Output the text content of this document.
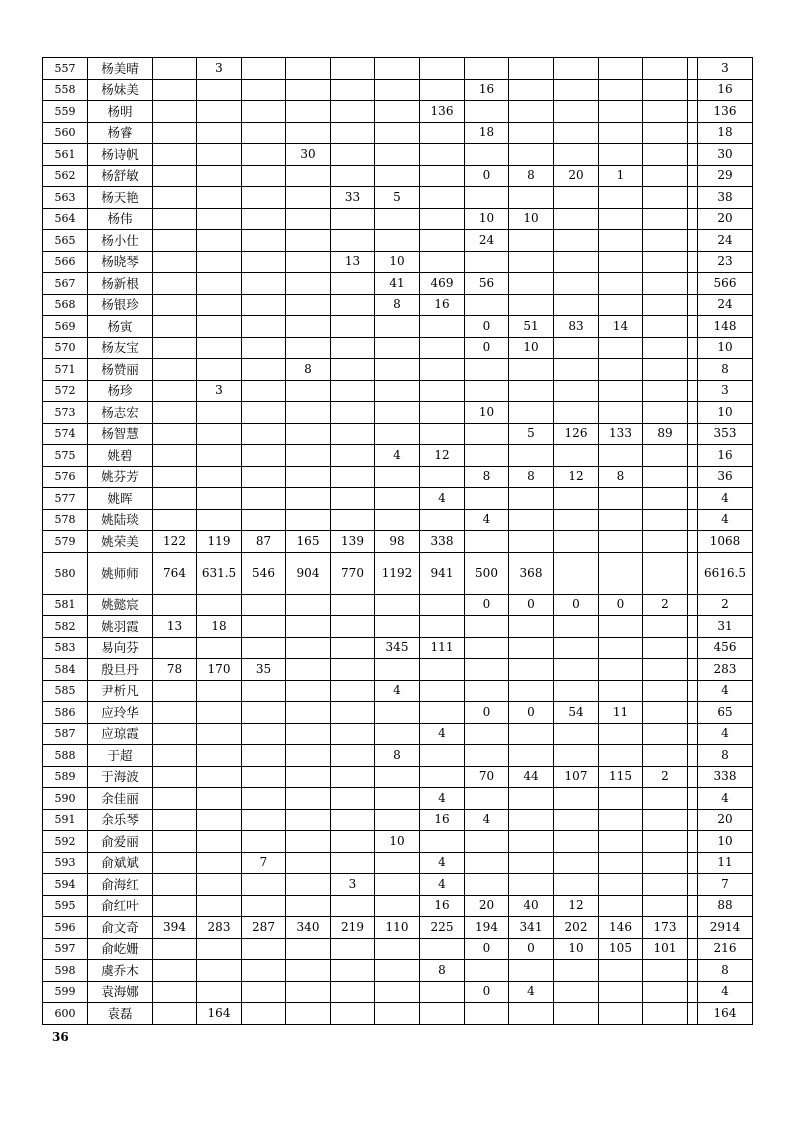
557	杨美晴		3												3
558	杨妹美								16						16
559	杨明							136							136
560	杨睿								18						18
561	杨诗帆				30										30
562	杨舒敏								0	8	20	1			29
563	杨天艳					33	5								38
564	杨伟								10	10					20
565	杨小仕								24						24
566	杨晓琴					13	10								23
567	杨新根						41	469	56						566
568	杨银珍						8	16							24
569	杨寅								0	51	83	14			148
570	杨友宝								0	10					10
571	杨赞丽				8										8
572	杨珍		3												3
573	杨志宏								10						10
574	杨智慧									5	126	133	89		353
575	姚碧						4	12							16
576	姚芬芳								8	8	12	8			36
577	姚晖							4							4
578	姚陆琰								4						4
579	姚荣美	122	119	87	165	139	98	338							1068
580	姚师师	764	631.5	546	904	770	1192	941	500	368					6616.5
581	姚懿宸								0	0	0	0	2		2
582	姚羽霞	13	18												31
583	易向芬						345	111							456
584	殷旦丹	78	170	35											283
585	尹析凡						4								4
586	应玲华								0	0	54	11			65
587	应琼霞							4							4
588	于超						8								8
589	于海波								70	44	107	115	2		338
590	余佳丽							4							4
591	余乐琴							16	4						20
592	俞爱丽						10								10
593	俞斌斌			7				4							11
594	俞海红					3		4							7
595	俞红叶							16	20	40	12				88
596	俞文奇	394	283	287	340	219	110	225	194	341	202	146	173		2914
597	俞屹姗								0	0	10	105	101		216
598	虞乔木							8							8
599	袁海娜								0	4					4
600	袁磊		164												164
36
